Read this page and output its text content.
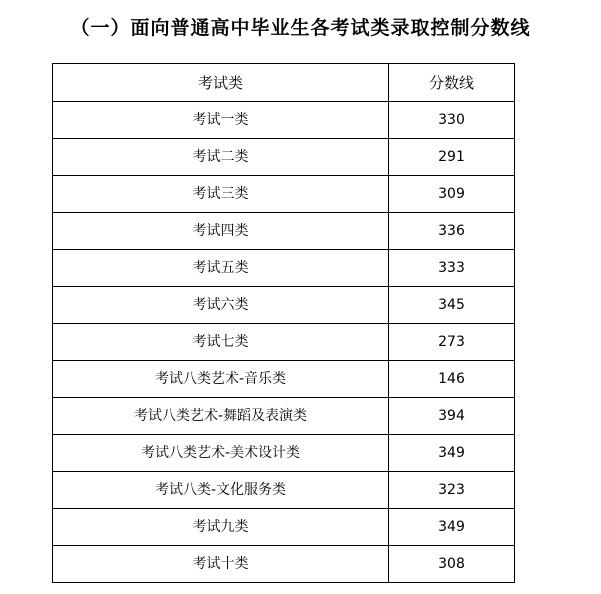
（一）面向普通高中毕业生各考试类录取控制分数线
考试类	分数线
考试一类	330
考试二类	291
考试三类	309
考试四类	336
考试五类	333
考试六类	345
考试七类	273
考试八类艺术-音乐类	146
考试八类艺术-舞蹈及表演类	394
考试八类艺术-美术设计类	349
考试八类-文化服务类	323
考试九类	349
考试十类	308
